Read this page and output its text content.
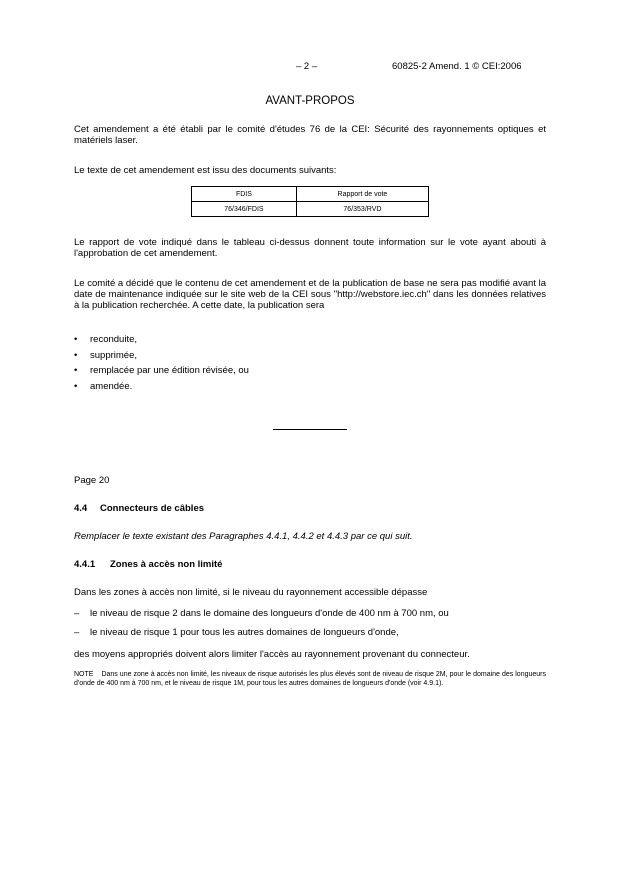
– 2 –	60825-2 Amend. 1 © CEI:2006
AVANT-PROPOS

Cet amendement a été établi par le comité d'études 76 de la CEI: Sécurité des rayonnements optiques et matériels laser.

Le texte de cet amendement est issu des documents suivants:

FDIS	Rapport de vote
76/346/FDIS	76/353/RVD

Le rapport de vote indiqué dans le tableau ci-dessus donnent toute information sur le vote ayant abouti à l'approbation de cet amendement.

Le comité a décidé que le contenu de cet amendement et de la publication de base ne sera pas modifié avant la date de maintenance indiquée sur le site web de la CEI sous "http://webstore.iec.ch" dans les données relatives à la publication recherchée. A cette date, la publication sera

• reconduite,
• supprimée,
• remplacée par une édition révisée, ou
• amendée.
Page 20
4.4 Connecteurs de câbles
Remplacer le texte existant des Paragraphes 4.4.1, 4.4.2 et 4.4.3 par ce qui suit.
4.4.1 Zones à accès non limité
Dans les zones à accès non limité, si le niveau du rayonnement accessible dépasse
– le niveau de risque 2 dans le domaine des longueurs d'onde de 400 nm à 700 nm, ou
– le niveau de risque 1 pour tous les autres domaines de longueurs d'onde,
des moyens appropriés doivent alors limiter l'accès au rayonnement provenant du connecteur.

NOTE Dans une zone à accès non limité, les niveaux de risque autorisés les plus élevés sont de niveau de risque 2M, pour le domaine des longueurs d'onde de 400 nm à 700 nm, et le niveau de risque 1M, pour tous les autres domaines de longueurs d'onde (voir 4.9.1).
